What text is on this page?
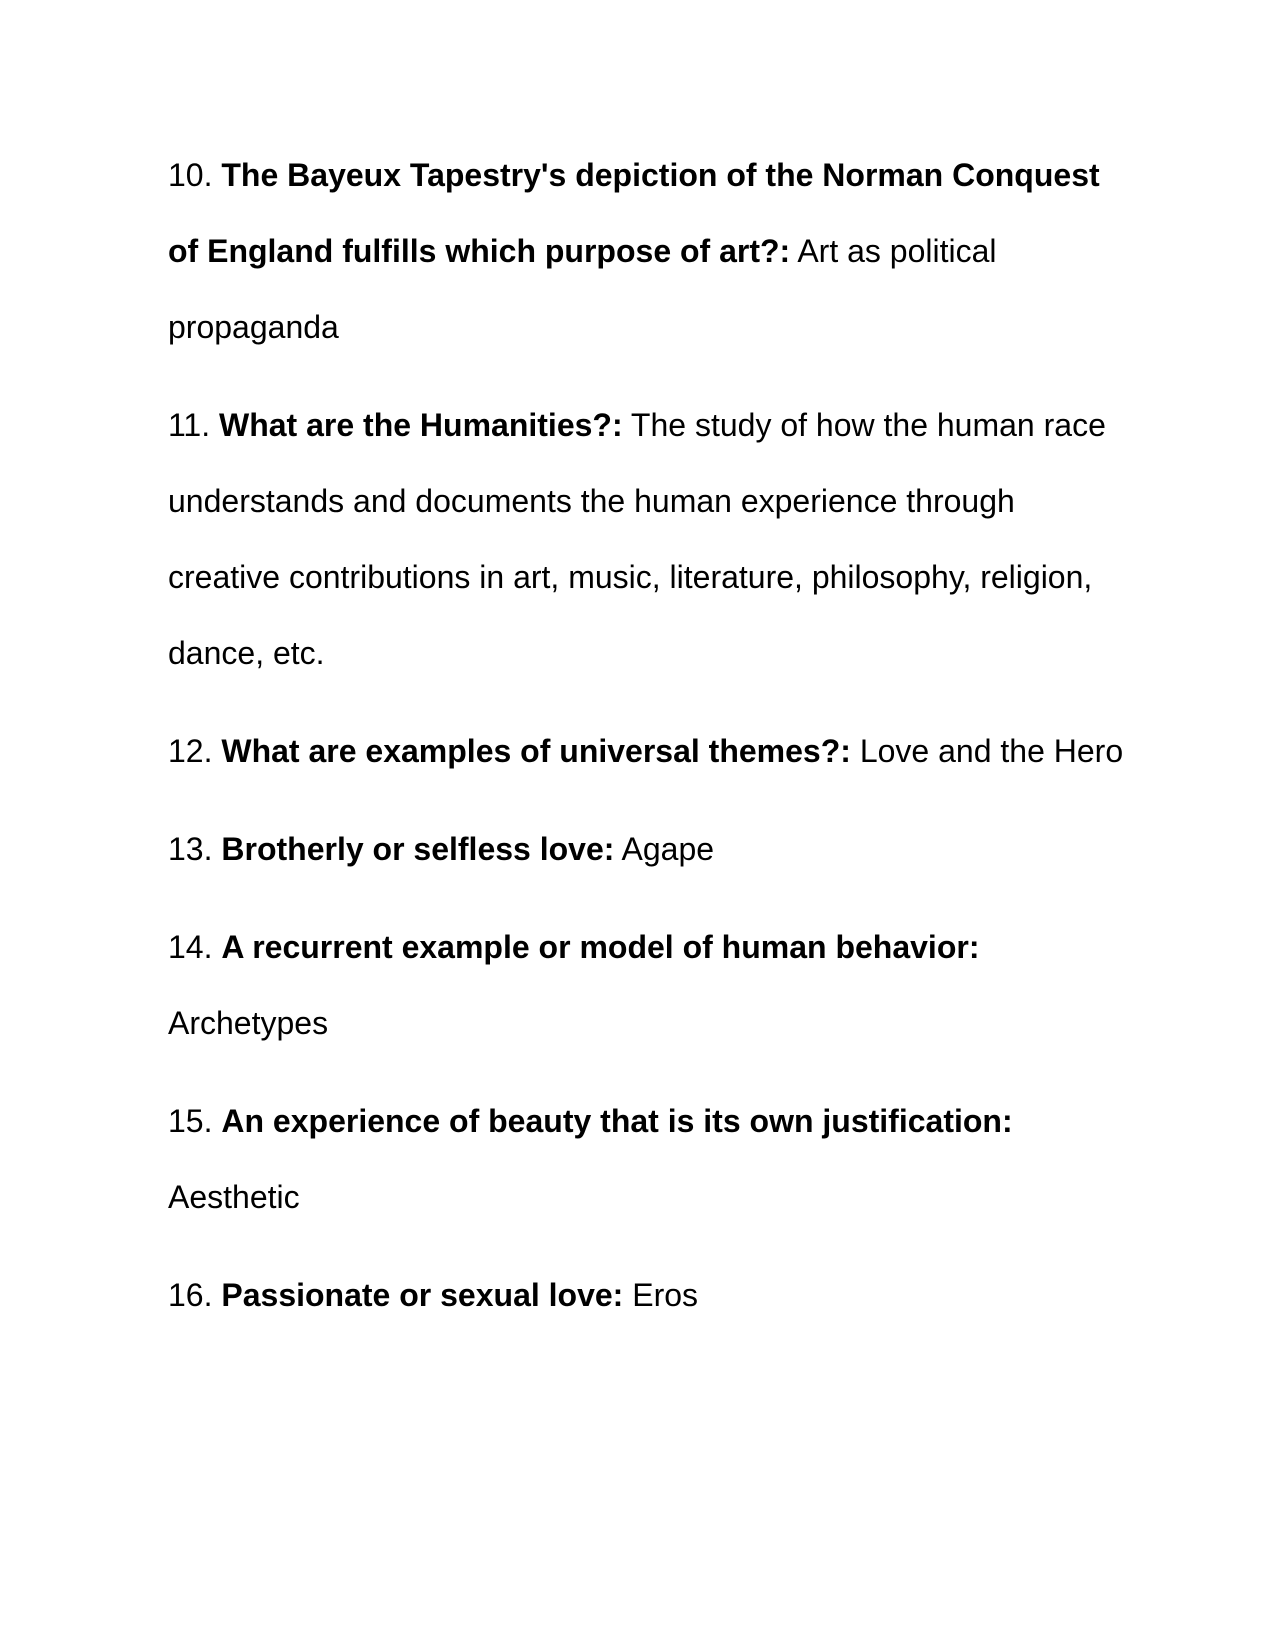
10. The Bayeux Tapestry's depiction of the Norman Conquest of England fulfills which purpose of art?: Art as political propaganda

11. What are the Humanities?: The study of how the human race understands and documents the human experience through creative contributions in art, music, literature, philosophy, religion, dance, etc.

12. What are examples of universal themes?: Love and the Hero

13. Brotherly or selfless love: Agape

14. A recurrent example or model of human behavior: Archetypes

15. An experience of beauty that is its own justification: Aesthetic

16. Passionate or sexual love: Eros
